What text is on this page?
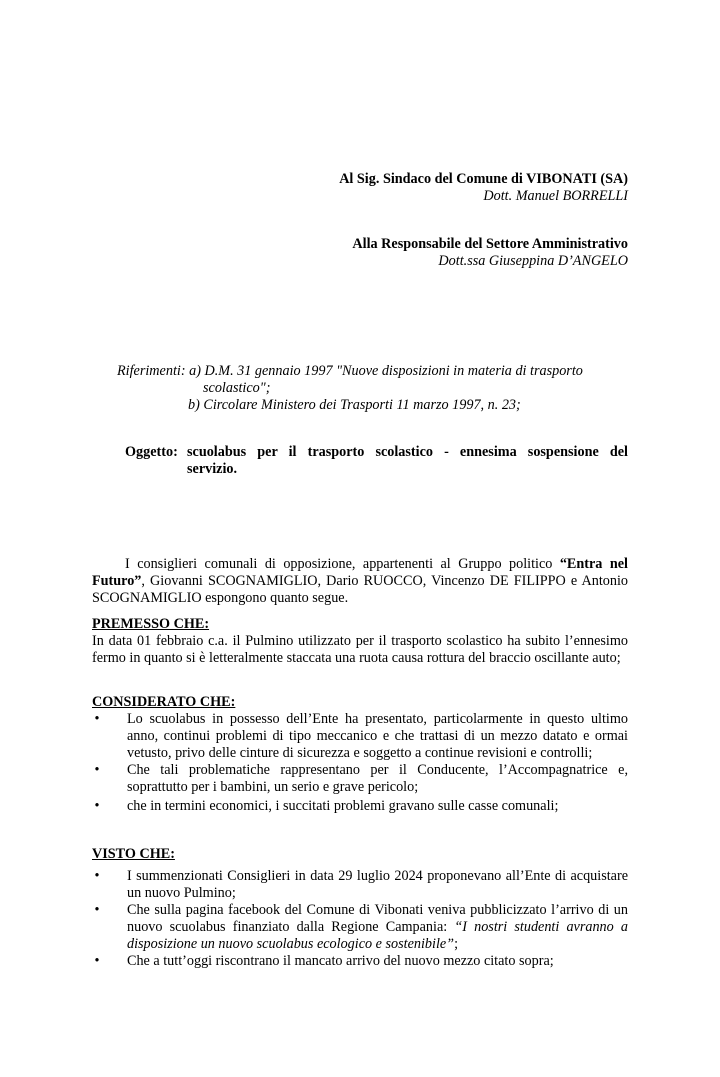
Al Sig. Sindaco del Comune di VIBONATI (SA)
Dott. Manuel BORRELLI
Alla Responsabile del Settore Amministrativo
Dott.ssa Giuseppina D’ANGELO
Riferimenti: a) D.M. 31 gennaio 1997 "Nuove disposizioni in materia di trasporto
scolastico";
b) Circolare Ministero dei Trasporti 11 marzo 1997, n. 23;
Oggetto: scuolabus per il trasporto scolastico - ennesima sospensione del
servizio.
I consiglieri comunali di opposizione, appartenenti al Gruppo politico “Entra nel Futuro”, Giovanni SCOGNAMIGLIO, Dario RUOCCO, Vincenzo DE FILIPPO e Antonio SCOGNAMIGLIO espongono quanto segue.
PREMESSO CHE:
In data 01 febbraio c.a. il Pulmino utilizzato per il trasporto scolastico ha subito l’ennesimo fermo in quanto si è letteralmente staccata una ruota causa rottura del braccio oscillante auto;
CONSIDERATO CHE:
• Lo scuolabus in possesso dell’Ente ha presentato, particolarmente in questo ultimo anno, continui problemi di tipo meccanico e che trattasi di un mezzo datato e ormai vetusto, privo delle cinture di sicurezza e soggetto a continue revisioni e controlli;
• Che tali problematiche rappresentano per il Conducente, l’Accompagnatrice e, soprattutto per i bambini, un serio e grave pericolo;
• che in termini economici, i succitati problemi gravano sulle casse comunali;
VISTO CHE:
• I summenzionati Consiglieri in data 29 luglio 2024 proponevano all’Ente di acquistare un nuovo Pulmino;
• Che sulla pagina facebook del Comune di Vibonati veniva pubblicizzato l’arrivo di un nuovo scuolabus finanziato dalla Regione Campania: “I nostri studenti avranno a disposizione un nuovo scuolabus ecologico e sostenibile”;
• Che a tutt’oggi riscontrano il mancato arrivo del nuovo mezzo citato sopra;
